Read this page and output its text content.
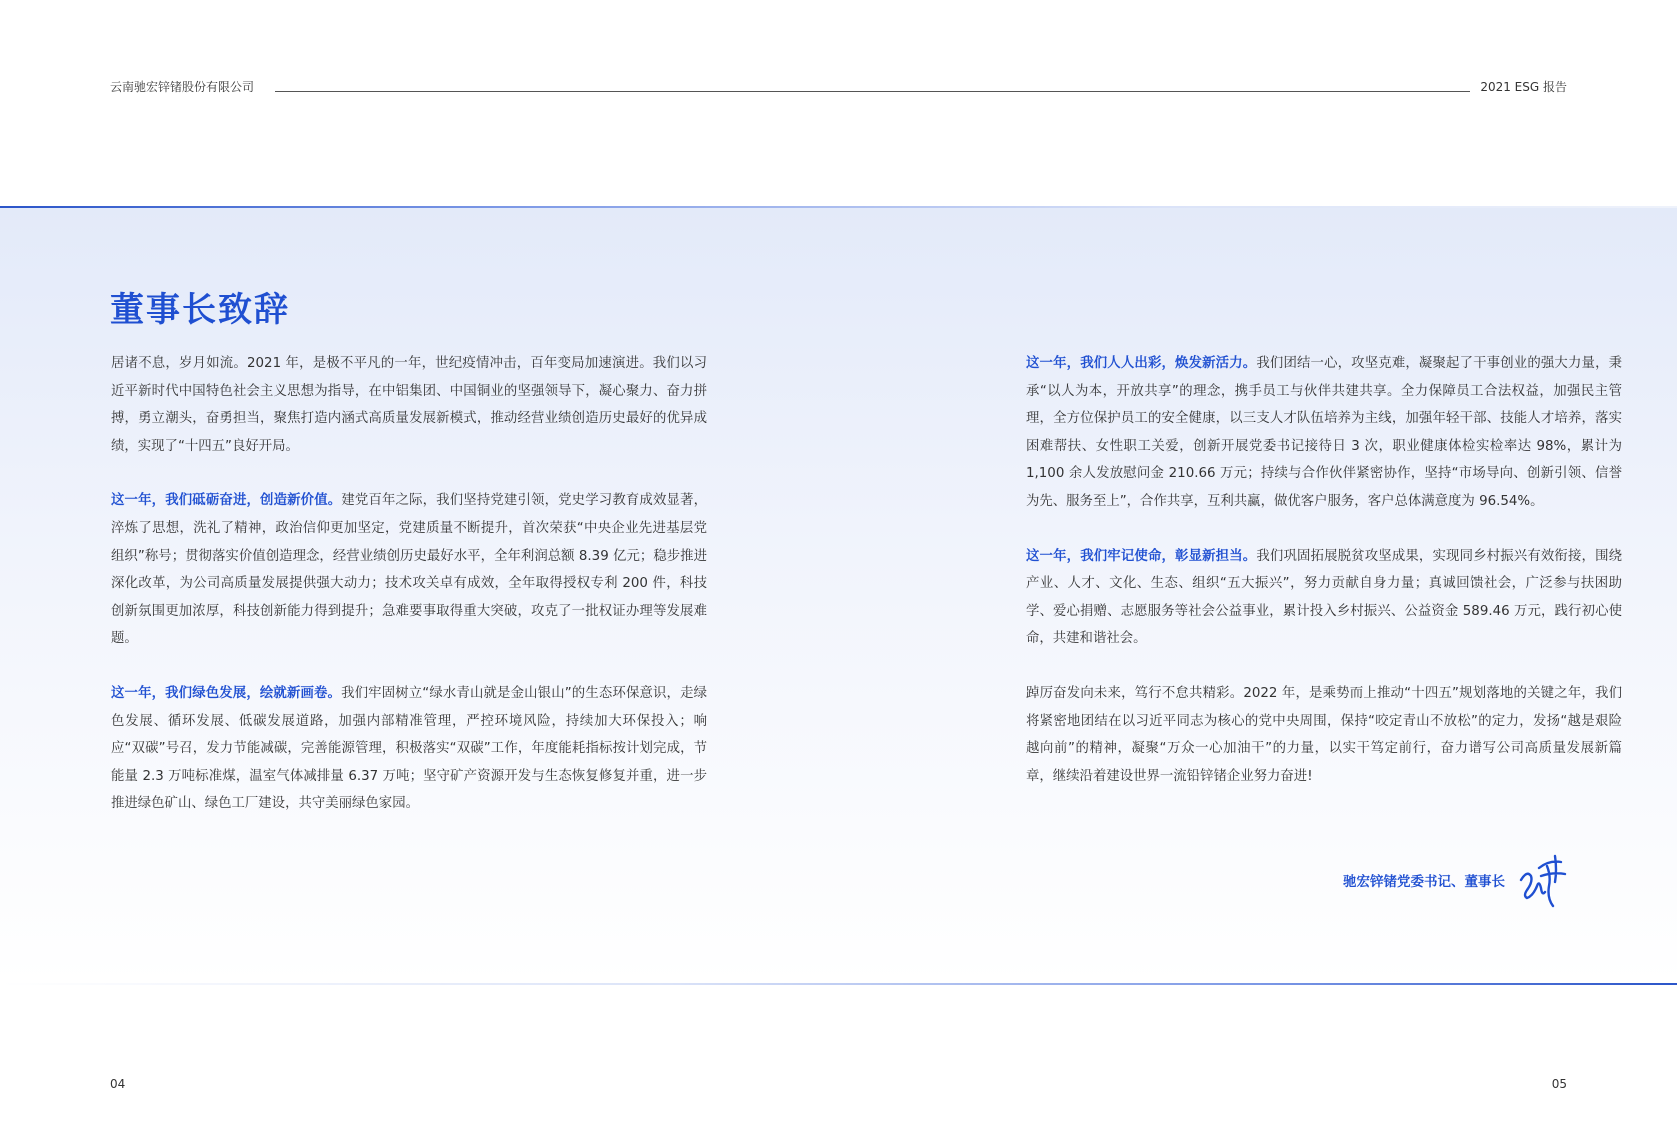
云南驰宏锌锗股份有限公司	2021 ESG 报告
董事长致辞

居诸不息，岁月如流。2021 年，是极不平凡的一年，世纪疫情冲击，百年变局加速演进。我们以习近平新时代中国特色社会主义思想为指导，在中铝集团、中国铜业的坚强领导下，凝心聚力、奋力拼搏，勇立潮头，奋勇担当，聚焦打造内涵式高质量发展新模式，推动经营业绩创造历史最好的优异成绩，实现了“十四五”良好开局。

这一年，我们砥砺奋进，创造新价值。建党百年之际，我们坚持党建引领，党史学习教育成效显著，淬炼了思想，洗礼了精神，政治信仰更加坚定，党建质量不断提升，首次荣获“中央企业先进基层党组织”称号；贯彻落实价值创造理念，经营业绩创历史最好水平，全年利润总额 8.39 亿元；稳步推进深化改革，为公司高质量发展提供强大动力；技术攻关卓有成效，全年取得授权专利 200 件，科技创新氛围更加浓厚，科技创新能力得到提升；急难要事取得重大突破，攻克了一批权证办理等发展难题。

这一年，我们绿色发展，绘就新画卷。我们牢固树立“绿水青山就是金山银山”的生态环保意识，走绿色发展、循环发展、低碳发展道路，加强内部精准管理，严控环境风险，持续加大环保投入；响应“双碳”号召，发力节能减碳，完善能源管理，积极落实“双碳”工作，年度能耗指标按计划完成，节能量 2.3 万吨标准煤，温室气体减排量 6.37 万吨；坚守矿产资源开发与生态恢复修复并重，进一步推进绿色矿山、绿色工厂建设，共守美丽绿色家园。

这一年，我们人人出彩，焕发新活力。我们团结一心，攻坚克难，凝聚起了干事创业的强大力量，秉承“以人为本，开放共享”的理念，携手员工与伙伴共建共享。全力保障员工合法权益，加强民主管理，全方位保护员工的安全健康，以三支人才队伍培养为主线，加强年轻干部、技能人才培养，落实困难帮扶、女性职工关爱，创新开展党委书记接待日 3 次，职业健康体检实检率达 98%，累计为 1,100 余人发放慰问金 210.66 万元；持续与合作伙伴紧密协作，坚持“市场导向、创新引领、信誉为先、服务至上”，合作共享，互利共赢，做优客户服务，客户总体满意度为 96.54%。

这一年，我们牢记使命，彰显新担当。我们巩固拓展脱贫攻坚成果，实现同乡村振兴有效衔接，围绕产业、人才、文化、生态、组织“五大振兴”，努力贡献自身力量；真诚回馈社会，广泛参与扶困助学、爱心捐赠、志愿服务等社会公益事业，累计投入乡村振兴、公益资金 589.46 万元，践行初心使命，共建和谐社会。

踔厉奋发向未来，笃行不怠共精彩。2022 年，是乘势而上推动“十四五”规划落地的关键之年，我们将紧密地团结在以习近平同志为核心的党中央周围，保持“咬定青山不放松”的定力，发扬“越是艰险越向前”的精神，凝聚“万众一心加油干”的力量，以实干笃定前行，奋力谱写公司高质量发展新篇章，继续沿着建设世界一流铅锌锗企业努力奋进!

驰宏锌锗党委书记、董事长
04	05
